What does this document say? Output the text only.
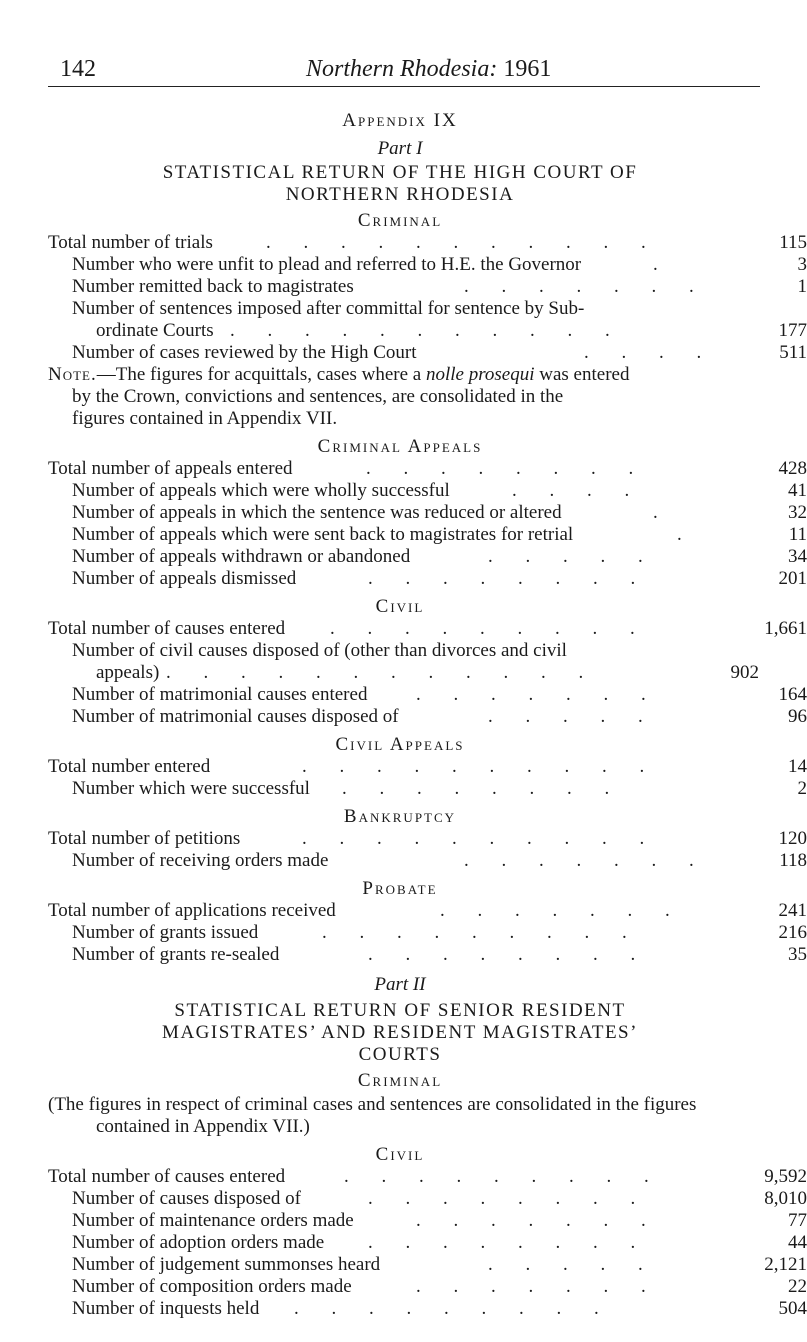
142	Northern Rhodesia: 1961
Appendix IX
Part I
STATISTICAL RETURN OF THE HIGH COURT OF
NORTHERN RHODESIA
Criminal
Total number of trials	. . . . . . . . . . .	115
Number who were unfit to plead and referred to H.E. the Governor	.	3
Number remitted back to magistrates	. . . . . . .	1
Number of sentences imposed after committal for sentence by Sub-
ordinate Courts . . . . . . . . . . .	177
Number of cases reviewed by the High Court	. . . .	511
Note.—The figures for acquittals, cases where a nolle prosequi was entered
by the Crown, convictions and sentences, are consolidated in the
figures contained in Appendix VII.
Criminal Appeals
Total number of appeals entered	. . . . . . . .	428
Number of appeals which were wholly successful	. . . .	41
Number of appeals in which the sentence was reduced or altered	.	32
Number of appeals which were sent back to magistrates for retrial	.	11
Number of appeals withdrawn or abandoned	. . . . .	34
Number of appeals dismissed	. . . . . . . .	201
Civil
Total number of causes entered . . . . . . . . .	1,661
Number of civil causes disposed of (other than divorces and civil
appeals) . . . . . . . . . . . .	902
Number of matrimonial causes entered	. . . . . . .	164
Number of matrimonial causes disposed of	. . . . .	96
Civil Appeals
Total number entered	. . . . . . . . . .	14
Number which were successful . . . . . . . .	2
Bankruptcy
Total number of petitions	. . . . . . . . . .	120
Number of receiving orders made	. . . . . . .	118
Probate
Total number of applications received	. . . . . . .	241
Number of grants issued	. . . . . . . . .	216
Number of grants re-sealed	. . . . . . . .	35
Part II
STATISTICAL RETURN OF SENIOR RESIDENT
MAGISTRATES’ AND RESIDENT MAGISTRATES’
COURTS
Criminal
(The figures in respect of criminal cases and sentences are consolidated in the figures
contained in Appendix VII.)
Civil
Total number of causes entered	. . . . . . . . .	9,592
Number of causes disposed of	. . . . . . . .	8,010
Number of maintenance orders made	. . . . . . .	77
Number of adoption orders made . . . . . . . .	44
Number of judgement summonses heard	. . . . .	2,121
Number of composition orders made	. . . . . . .	22
Number of inquests held . . . . . . . . .	504
